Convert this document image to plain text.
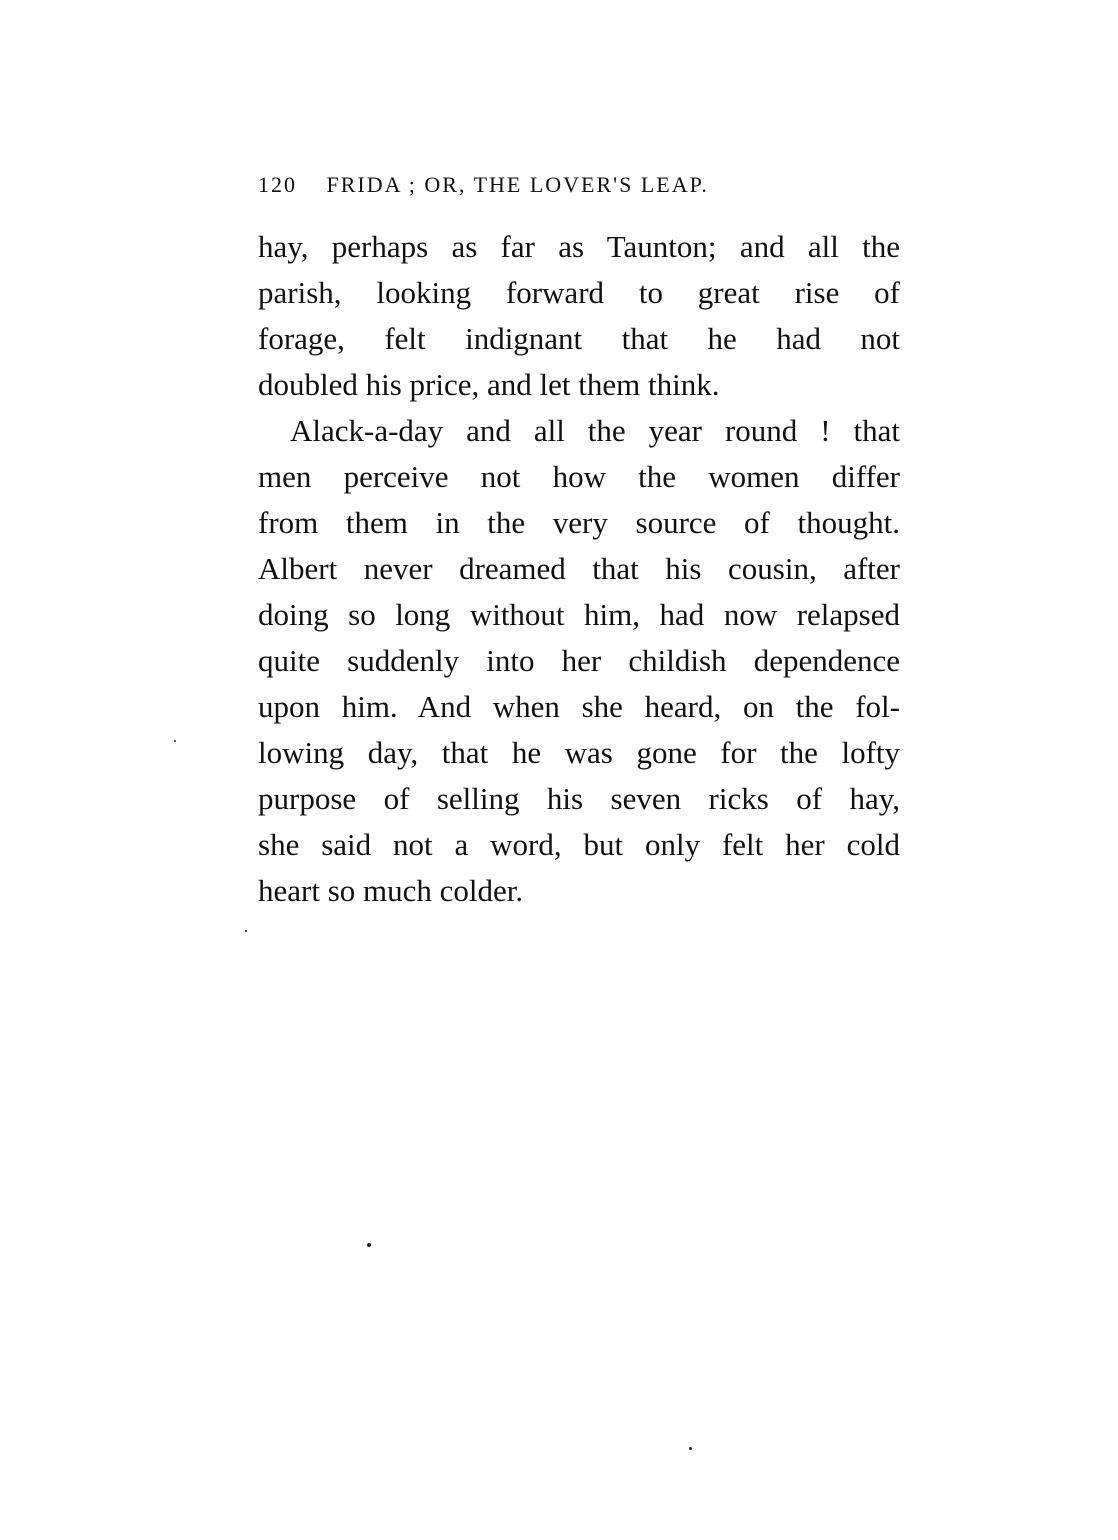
120 FRIDA ; OR, THE LOVER'S LEAP.
hay, perhaps as far as Taunton; and all the
parish, looking forward to great rise of
forage, felt indignant that he had not
doubled his price, and let them think.
Alack-a-day and all the year round ! that
men perceive not how the women differ
from them in the very source of thought.
Albert never dreamed that his cousin, after
doing so long without him, had now relapsed
quite suddenly into her childish dependence
upon him. And when she heard, on the fol-
lowing day, that he was gone for the lofty
purpose of selling his seven ricks of hay,
she said not a word, but only felt her cold
heart so much colder.
